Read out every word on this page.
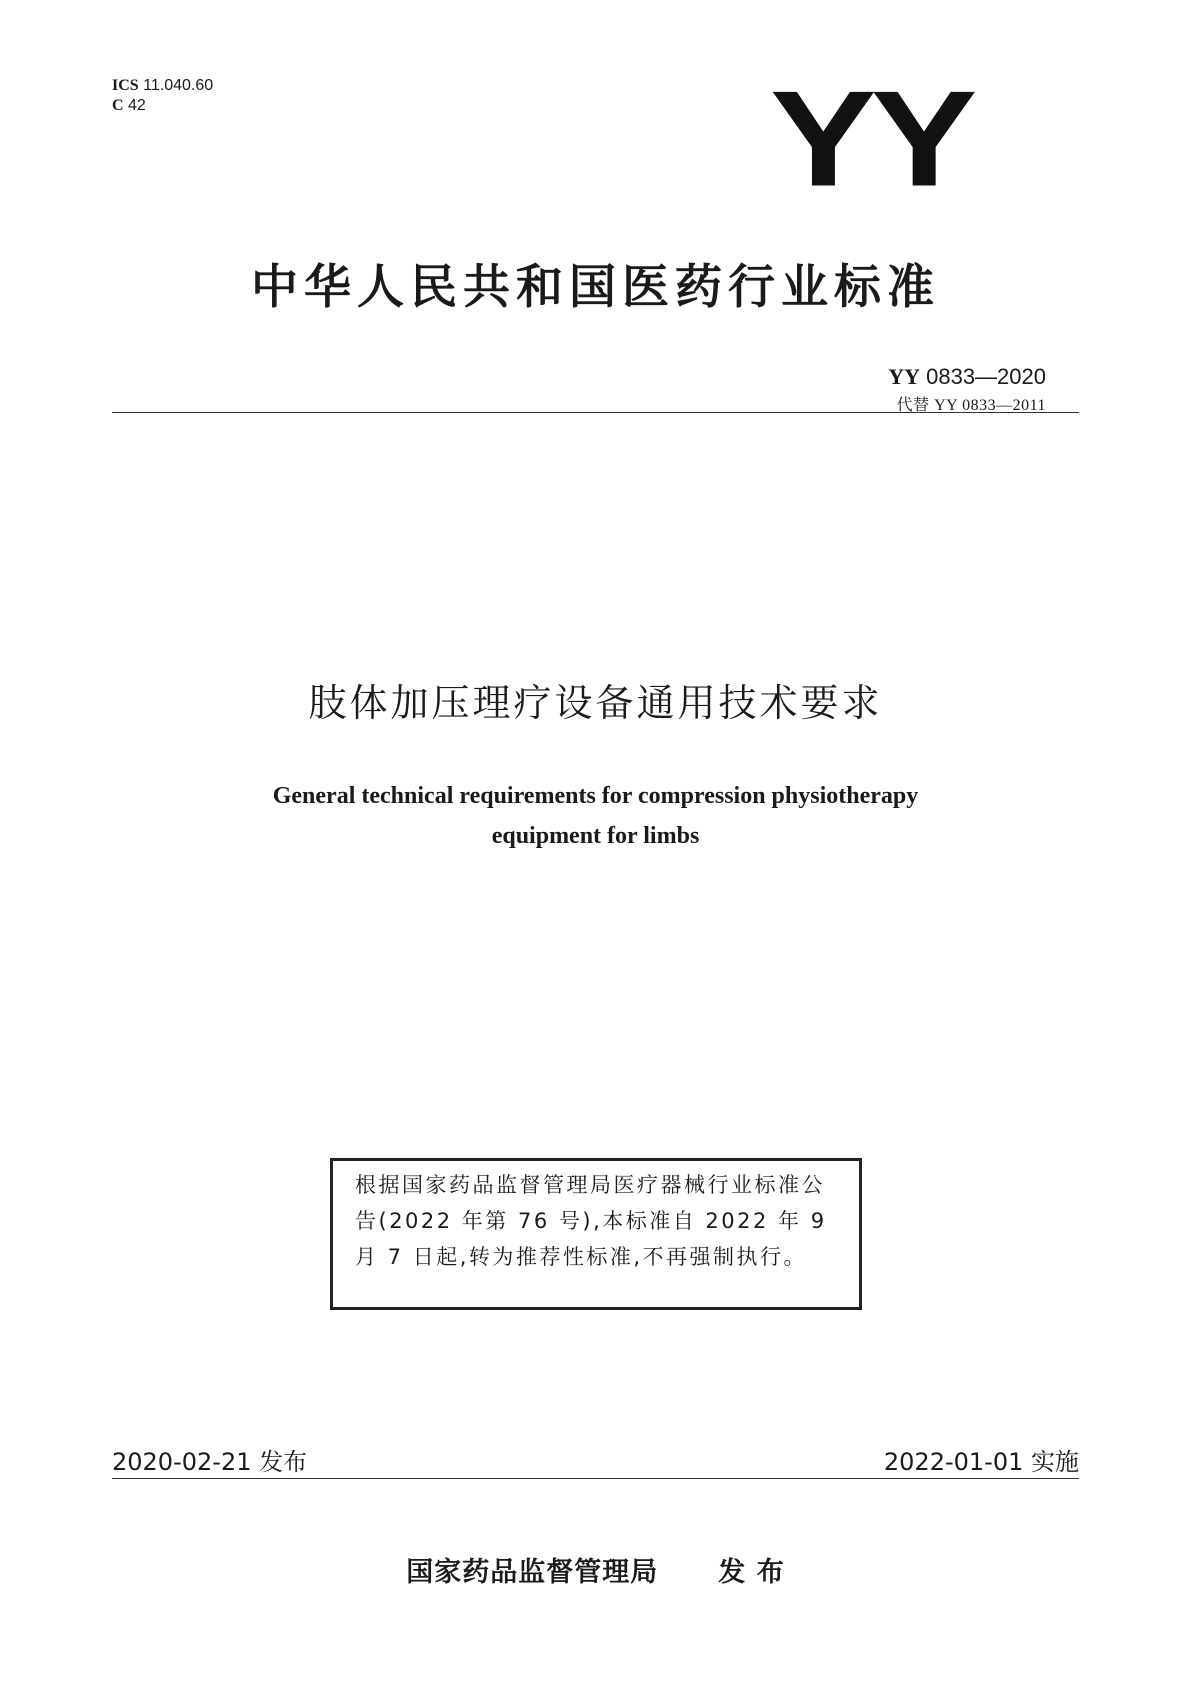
ICS 11.040.60
C 42	YY
中华人民共和国医药行业标准
YY 0833—2020
代替 YY 0833—2011
肢体加压理疗设备通用技术要求
General technical requirements for compression physiotherapy
equipment for limbs
根据国家药品监督管理局医疗器械行业标准公告(2022 年第 76 号),本标准自 2022 年 9 月 7 日起,转为推荐性标准,不再强制执行。
2020-02-21 发布	2022-01-01 实施
国家药品监督管理局 发 布
